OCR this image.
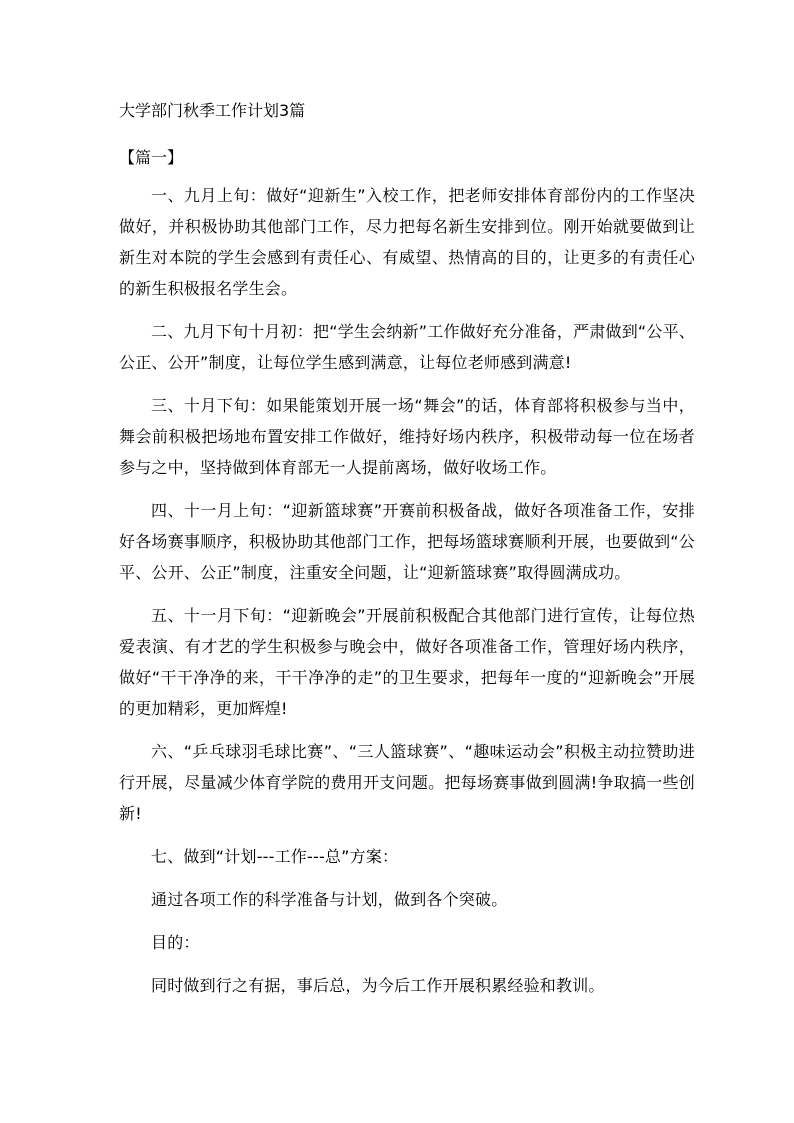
大学部门秋季工作计划3篇
【篇一】

一、九月上旬：做好“迎新生”入校工作，把老师安排体育部份内的工作坚决做好，并积极协助其他部门工作，尽力把每名新生安排到位。刚开始就要做到让新生对本院的学生会感到有责任心、有威望、热情高的目的，让更多的有责任心的新生积极报名学生会。

二、九月下旬十月初：把“学生会纳新”工作做好充分准备，严肃做到“公平、公正、公开”制度，让每位学生感到满意，让每位老师感到满意!

三、十月下旬：如果能策划开展一场“舞会”的话，体育部将积极参与当中，舞会前积极把场地布置安排工作做好，维持好场内秩序，积极带动每一位在场者参与之中，坚持做到体育部无一人提前离场，做好收场工作。

四、十一月上旬：“迎新篮球赛”开赛前积极备战，做好各项准备工作，安排好各场赛事顺序，积极协助其他部门工作，把每场篮球赛顺利开展，也要做到“公平、公开、公正”制度，注重安全问题，让“迎新篮球赛”取得圆满成功。

五、十一月下旬：“迎新晚会”开展前积极配合其他部门进行宣传，让每位热爱表演、有才艺的学生积极参与晚会中，做好各项准备工作，管理好场内秩序，做好“干干净净的来，干干净净的走”的卫生要求，把每年一度的“迎新晚会”开展的更加精彩，更加辉煌!

六、“乒乓球羽毛球比赛”、“三人篮球赛”、“趣味运动会”积极主动拉赞助进行开展，尽量减少体育学院的费用开支问题。把每场赛事做到圆满!争取搞一些创新!

七、做到“计划---工作---总”方案：

通过各项工作的科学准备与计划，做到各个突破。

目的：

同时做到行之有据，事后总，为今后工作开展积累经验和教训。
